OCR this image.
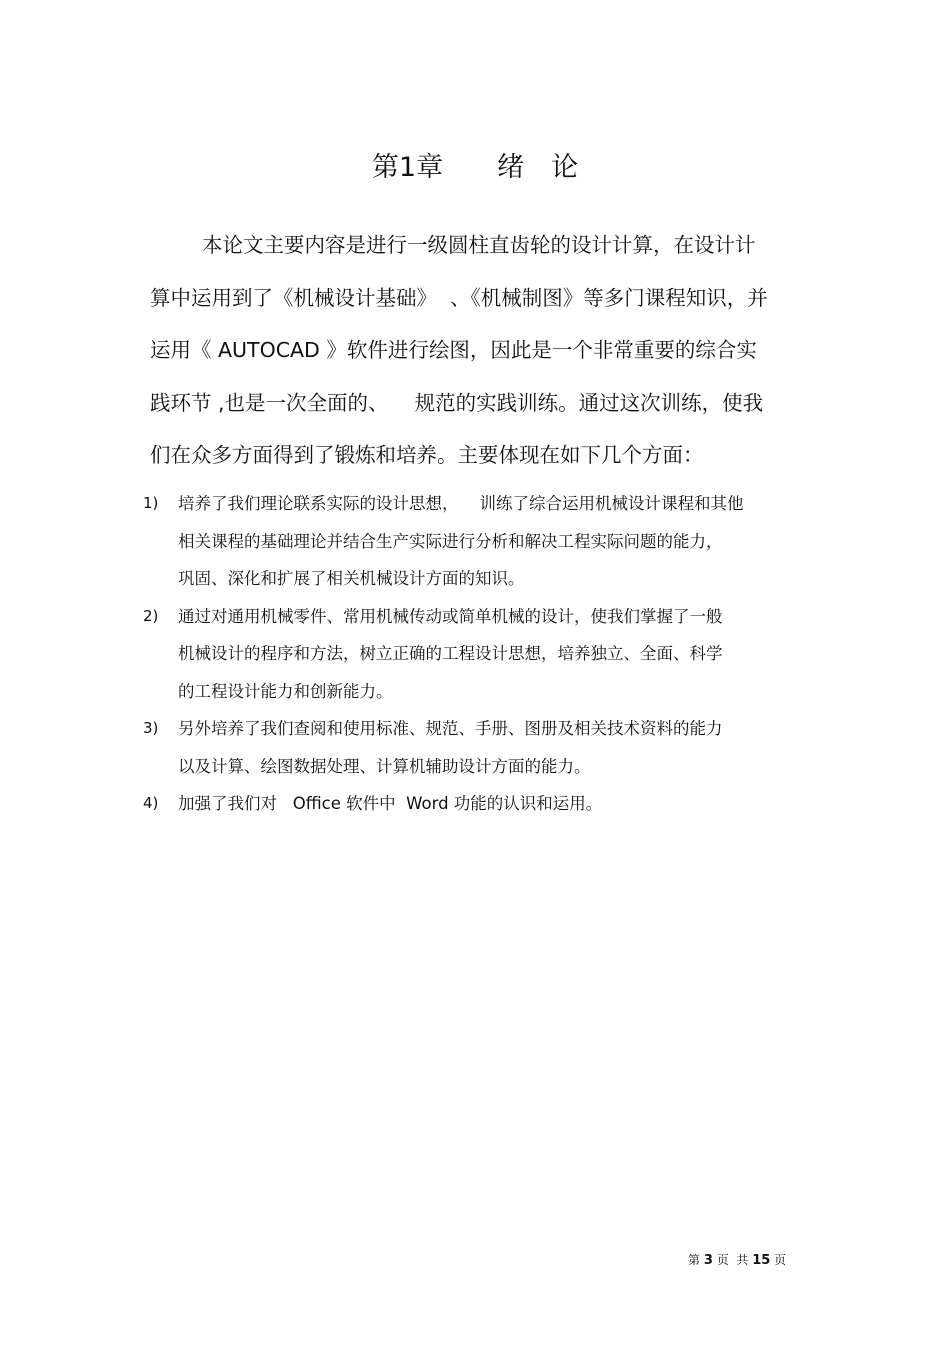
第1章　　绪　论
本论文主要内容是进行一级圆柱直齿轮的设计计算，在设计计
算中运用到了《机械设计基础》  、《机械制图》等多门课程知识，并
运用《 AUTOCAD 》软件进行绘图，因此是一个非常重要的综合实
践环节 ,也是一次全面的、    规范的实践训练。通过这次训练，使我
们在众多方面得到了锻炼和培养。主要体现在如下几个方面：
1) 培养了我们理论联系实际的设计思想，    训练了综合运用机械设计课程和其他
相关课程的基础理论并结合生产实际进行分析和解决工程实际问题的能力，
巩固、深化和扩展了相关机械设计方面的知识。
2) 通过对通用机械零件、常用机械传动或简单机械的设计，使我们掌握了一般
机械设计的程序和方法，树立正确的工程设计思想，培养独立、全面、科学
的工程设计能力和创新能力。
3) 另外培养了我们查阅和使用标准、规范、手册、图册及相关技术资料的能力
以及计算、绘图数据处理、计算机辅助设计方面的能力。
4) 加强了我们对   Office 软件中  Word 功能的认识和运用。
第 3 页  共 15 页
